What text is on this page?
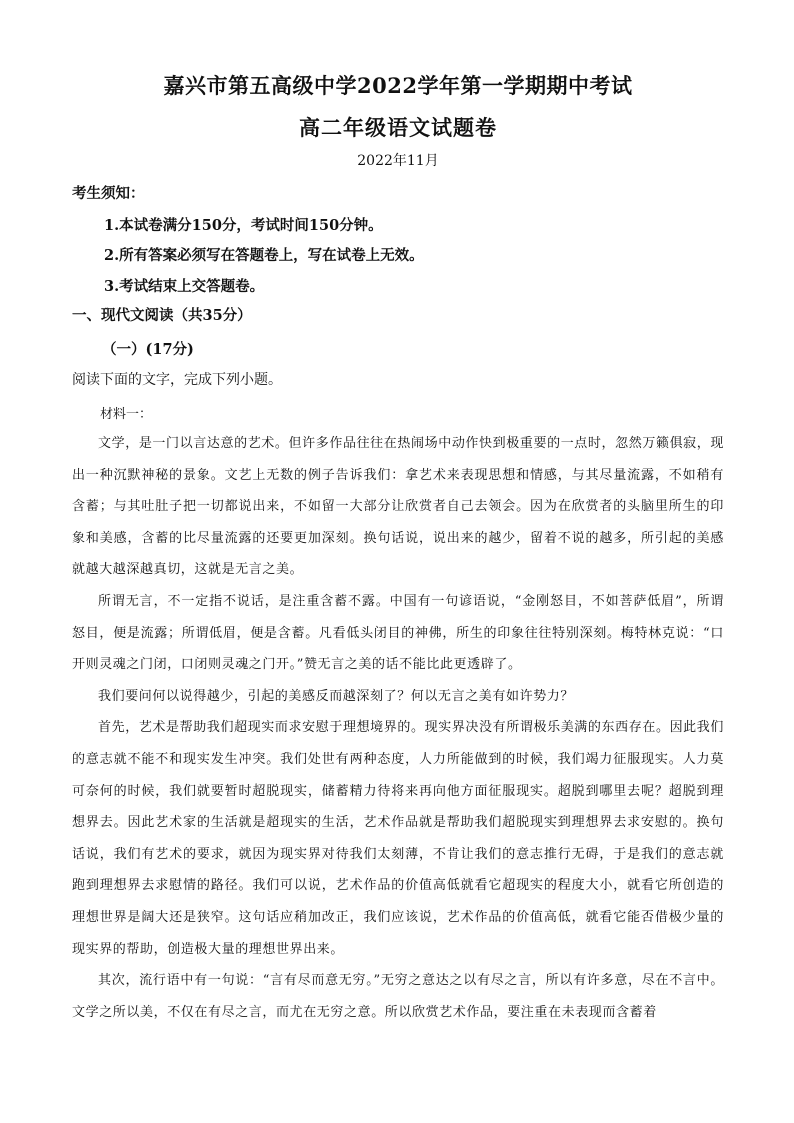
嘉兴市第五高级中学2022学年第一学期期中考试
高二年级语文试题卷
2022年11月
考生须知：
1.本试卷满分150分，考试时间150分钟。
2.所有答案必须写在答题卷上，写在试卷上无效。
3.考试结束上交答题卷。
一、现代文阅读（共35分）
（一）(17分)
阅读下面的文字，完成下列小题。
材料一：

文学，是一门以言达意的艺术。但许多作品往往在热闹场中动作快到极重要的一点时，忽然万籁俱寂，现出一种沉默神秘的景象。文艺上无数的例子告诉我们：拿艺术来表现思想和情感，与其尽量流露，不如稍有含蓄；与其吐肚子把一切都说出来，不如留一大部分让欣赏者自己去领会。因为在欣赏者的头脑里所生的印象和美感，含蓄的比尽量流露的还要更加深刻。换句话说，说出来的越少，留着不说的越多，所引起的美感就越大越深越真切，这就是无言之美。

所谓无言，不一定指不说话，是注重含蓄不露。中国有一句谚语说，“金刚怒目，不如菩萨低眉”，所谓怒目，便是流露；所谓低眉，便是含蓄。凡看低头闭目的神佛，所生的印象往往特别深刻。梅特林克说：“口开则灵魂之门闭，口闭则灵魂之门开。”赞无言之美的话不能比此更透辟了。

我们要问何以说得越少，引起的美感反而越深刻了？何以无言之美有如许势力？

首先，艺术是帮助我们超现实而求安慰于理想境界的。现实界决没有所谓极乐美满的东西存在。因此我们的意志就不能不和现实发生冲突。我们处世有两种态度，人力所能做到的时候，我们竭力征服现实。人力莫可奈何的时候，我们就要暂时超脱现实，储蓄精力待将来再向他方面征服现实。超脱到哪里去呢？超脱到理想界去。因此艺术家的生活就是超现实的生活，艺术作品就是帮助我们超脱现实到理想界去求安慰的。换句话说，我们有艺术的要求，就因为现实界对待我们太刻薄，不肯让我们的意志推行无碍，于是我们的意志就跑到理想界去求慰情的路径。我们可以说，艺术作品的价值高低就看它超现实的程度大小，就看它所创造的理想世界是阔大还是狭窄。这句话应稍加改正，我们应该说，艺术作品的价值高低，就看它能否借极少量的现实界的帮助，创造极大量的理想世界出来。

其次，流行语中有一句说：“言有尽而意无穷。”无穷之意达之以有尽之言，所以有许多意，尽在不言中。文学之所以美，不仅在有尽之言，而尤在无穷之意。所以欣赏艺术作品，要注重在未表现而含蓄着
